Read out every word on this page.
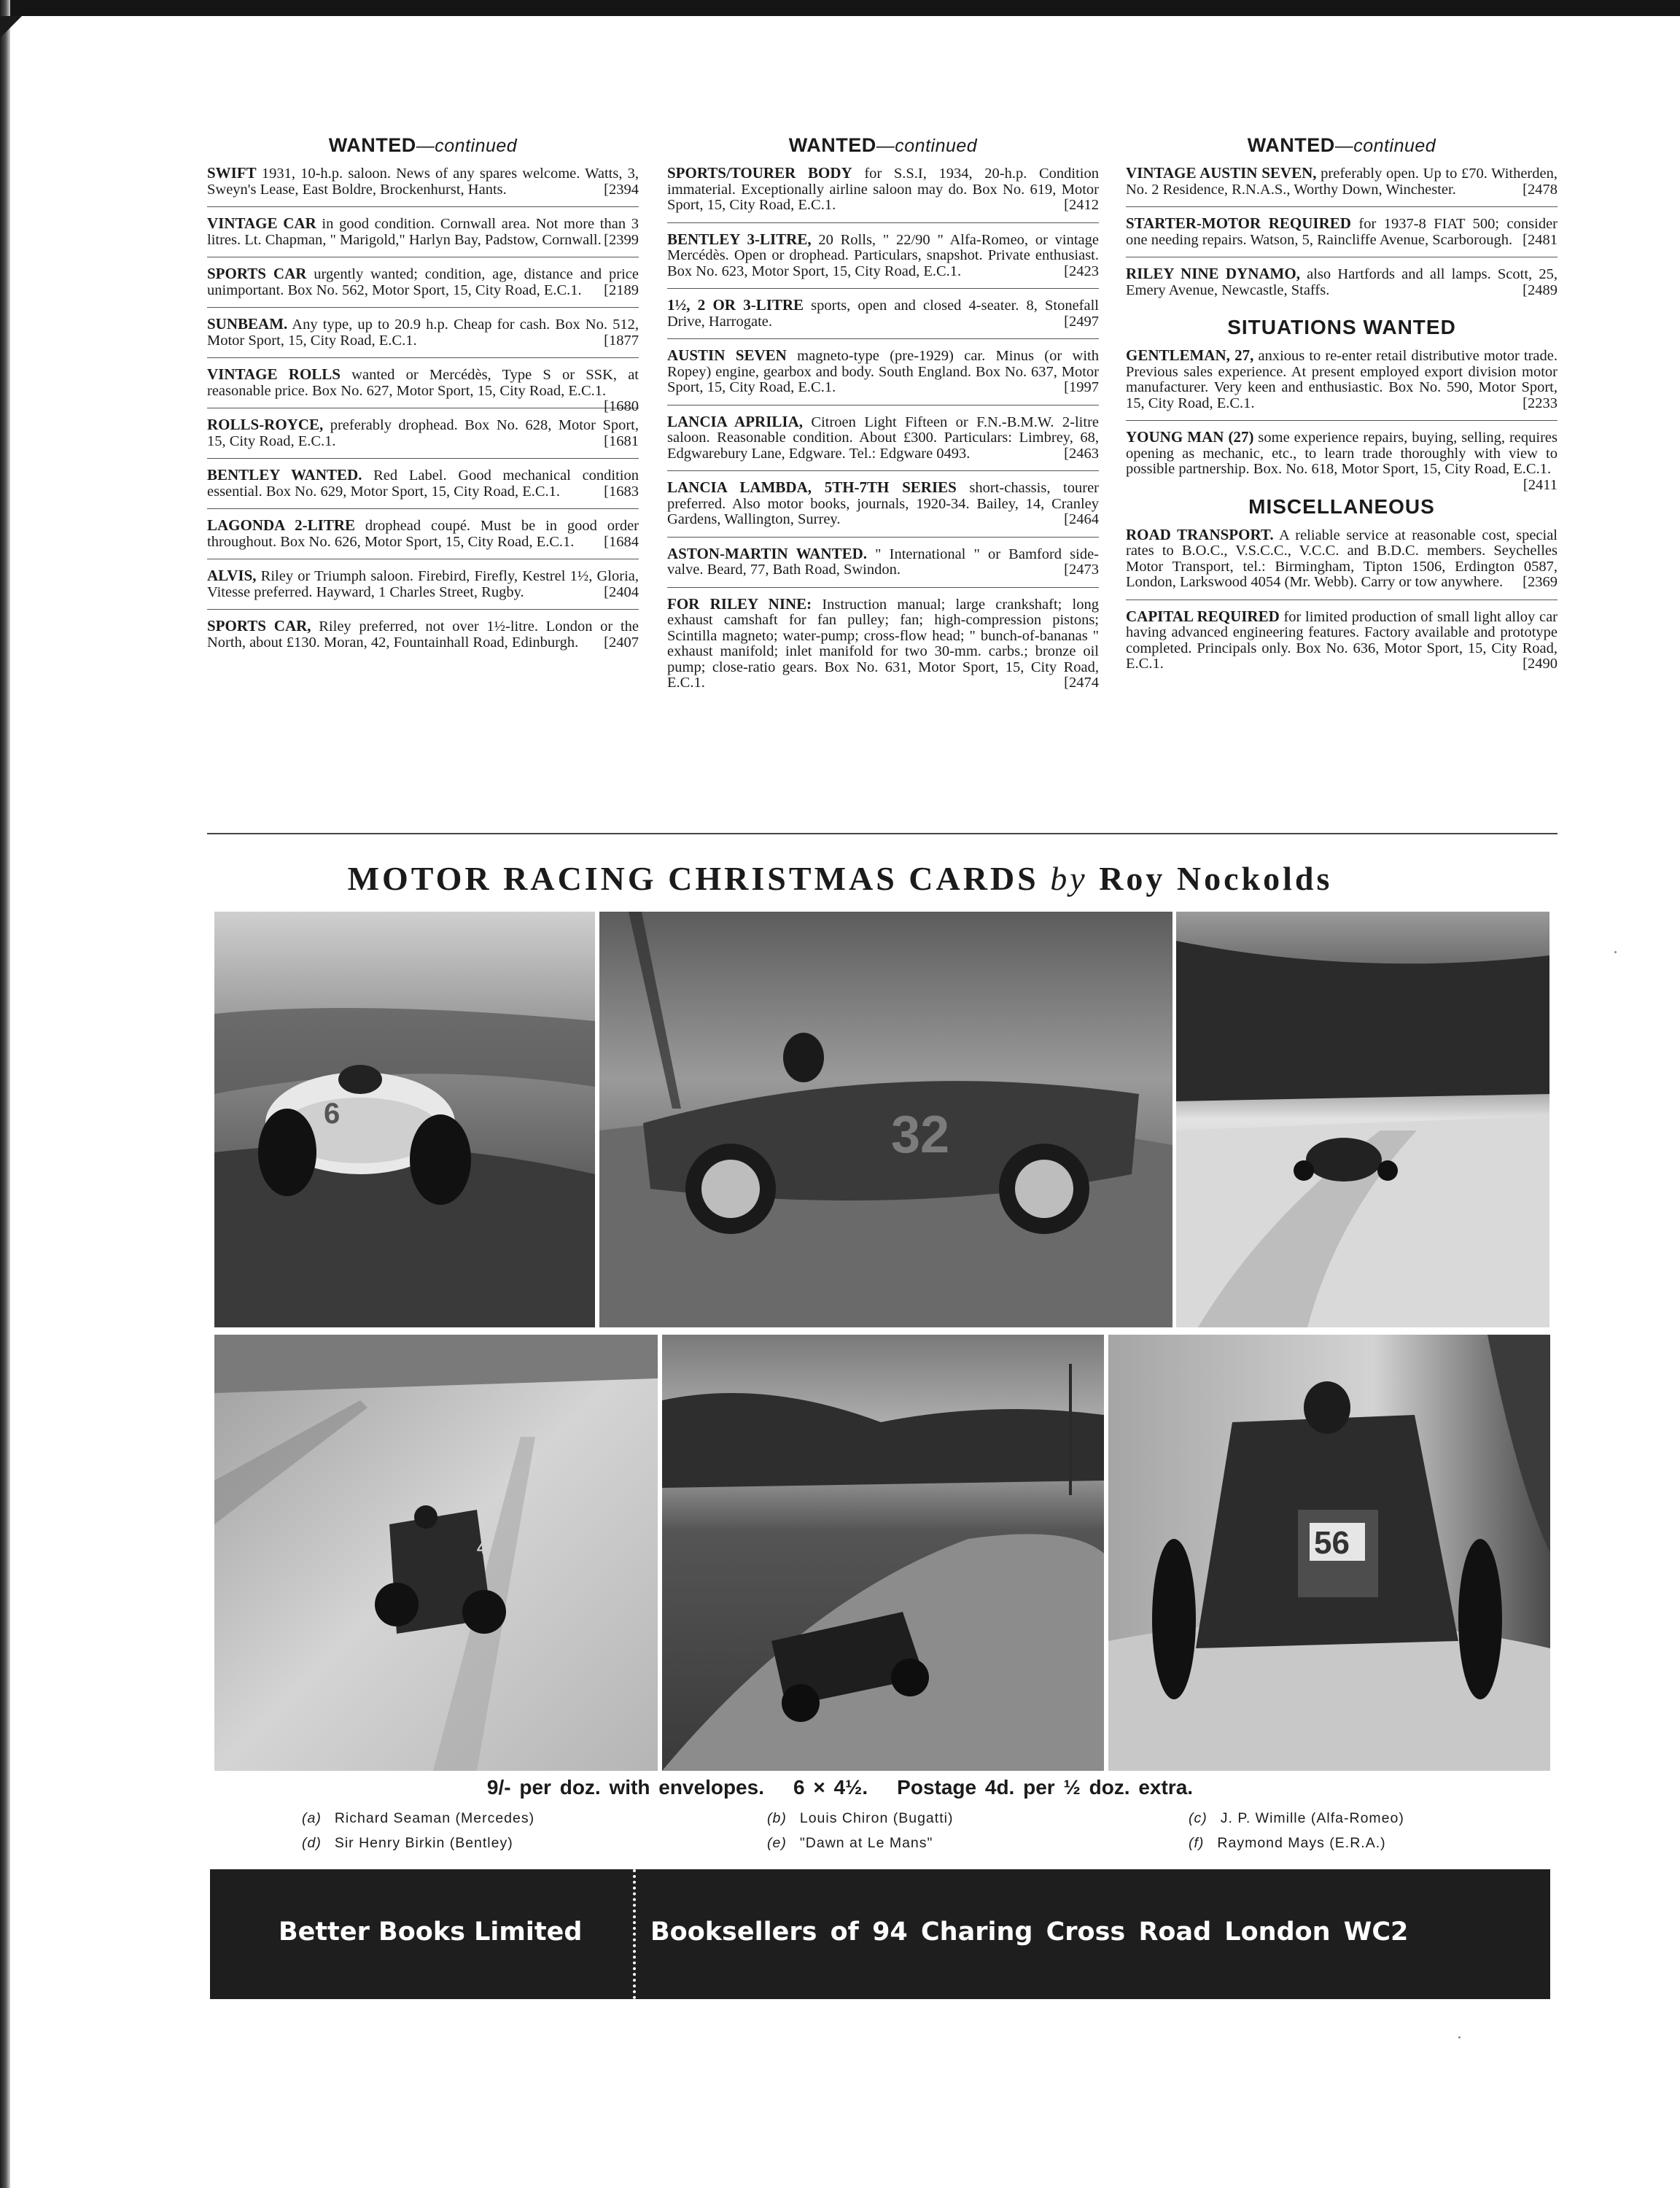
WANTED—continued
SWIFT 1931, 10-h.p. saloon. News of any spares welcome. Watts, 3, Sweyn's Lease, East Boldre, Brockenhurst, Hants.	[2394
VINTAGE CAR in good condition. Cornwall area. Not more than 3 litres. Lt. Chapman, " Marigold," Harlyn Bay, Padstow, Cornwall. [2399
SPORTS CAR urgently wanted; condition, age, distance and price unimportant. Box No. 562, Motor Sport, 15, City Road, E.C.1. [2189
SUNBEAM. Any type, up to 20.9 h.p. Cheap for cash. Box No. 512, Motor Sport, 15, City Road, E.C.1.	[1877
VINTAGE ROLLS wanted or Mercédès, Type S or SSK, at reasonable price. Box No. 627, Motor Sport, 15, City Road, E.C.1.
[1680
ROLLS-ROYCE, preferably drophead. Box No. 628, Motor Sport, 15, City Road, E.C.1.	[1681
BENTLEY WANTED. Red Label. Good mechanical condition essential. Box No. 629, Motor Sport, 15, City Road, E.C.1.	[1683
LAGONDA 2-LITRE drophead coupé. Must be in good order throughout. Box No. 626, Motor Sport, 15, City Road, E.C.1. [1684
ALVIS, Riley or Triumph saloon. Firebird, Firefly, Kestrel 1½, Gloria, Vitesse preferred. Hayward, 1 Charles Street, Rugby.	[2404
SPORTS CAR, Riley preferred, not over 1½-litre. London or the North, about £130. Moran, 42, Fountainhall Road, Edinburgh. [2407
WANTED—continued
SPORTS/TOURER BODY for S.S.I, 1934, 20-h.p. Condition immaterial. Exceptionally airline saloon may do. Box No. 619, Motor Sport, 15, City Road, E.C.1.	[2412
BENTLEY 3-LITRE, 20 Rolls, " 22/90 " Alfa-Romeo, or vintage Mercédès. Open or drophead. Particulars, snapshot. Private enthusiast. Box No. 623, Motor Sport, 15, City Road, E.C.1.	[2423
1½, 2 OR 3-LITRE sports, open and closed 4-seater. 8, Stonefall Drive, Harrogate.	[2497
AUSTIN SEVEN magneto-type (pre-1929) car. Minus (or with Ropey) engine, gearbox and body. South England. Box No. 637, Motor Sport, 15, City Road, E.C.1.	[1997
LANCIA APRILIA, Citroen Light Fifteen or F.N.-B.M.W. 2-litre saloon. Reasonable condition. About £300. Particulars: Limbrey, 68, Edgwarebury Lane, Edgware. Tel.: Edgware 0493.	[2463
LANCIA LAMBDA, 5TH-7TH SERIES short-chassis, tourer preferred. Also motor books, journals, 1920-34. Bailey, 14, Cranley Gardens, Wallington, Surrey.	[2464
ASTON-MARTIN WANTED. " International " or Bamford side-valve. Beard, 77, Bath Road, Swindon.	[2473
FOR RILEY NINE: Instruction manual; large crankshaft; long exhaust camshaft for fan pulley; fan; high-compression pistons; Scintilla magneto; water-pump; cross-flow head; " bunch-of-bananas " exhaust manifold; inlet manifold for two 30-mm. carbs.; bronze oil pump; close-ratio gears. Box No. 631, Motor Sport, 15, City Road, E.C.1.	[2474
WANTED—continued
VINTAGE AUSTIN SEVEN, preferably open. Up to £70. Witherden, No. 2 Residence, R.N.A.S., Worthy Down, Winchester.	[2478
STARTER-MOTOR REQUIRED for 1937-8 FIAT 500; consider one needing repairs. Watson, 5, Raincliffe Avenue, Scarborough. [2481
RILEY NINE DYNAMO, also Hartfords and all lamps. Scott, 25, Emery Avenue, Newcastle, Staffs.	[2489
SITUATIONS WANTED
GENTLEMAN, 27, anxious to re-enter retail distributive motor trade. Previous sales experience. At present employed export division motor manufacturer. Very keen and enthusiastic. Box No. 590, Motor Sport, 15, City Road, E.C.1.	[2233
YOUNG MAN (27) some experience repairs, buying, selling, requires opening as mechanic, etc., to learn trade thoroughly with view to possible partnership. Box. No. 618, Motor Sport, 15, City Road, E.C.1.
[2411
MISCELLANEOUS
ROAD TRANSPORT. A reliable service at reasonable cost, special rates to B.O.C., V.S.C.C., V.C.C. and B.D.C. members. Seychelles Motor Transport, tel.: Birmingham, Tipton 1506, Erdington 0587, London, Larkswood 4054 (Mr. Webb). Carry or tow anywhere. [2369
CAPITAL REQUIRED for limited production of small light alloy car having advanced engineering features. Factory available and prototype completed. Principals only. Box No. 636, Motor Sport, 15, City Road, E.C.1.	[2490
MOTOR RACING CHRISTMAS CARDS by Roy Nockolds
6	32
4	56
9/- per doz. with envelopes. 6 × 4½. Postage 4d. per ½ doz. extra.
(a) Richard Seaman (Mercedes)	(b) Louis Chiron (Bugatti)	(c) J. P. Wimille (Alfa-Romeo)
(d) Sir Henry Birkin (Bentley)	(e) "Dawn at Le Mans"	(f) Raymond Mays (E.R.A.)
Better Books Limited	Booksellers of 94 Charing Cross Road London WC2
